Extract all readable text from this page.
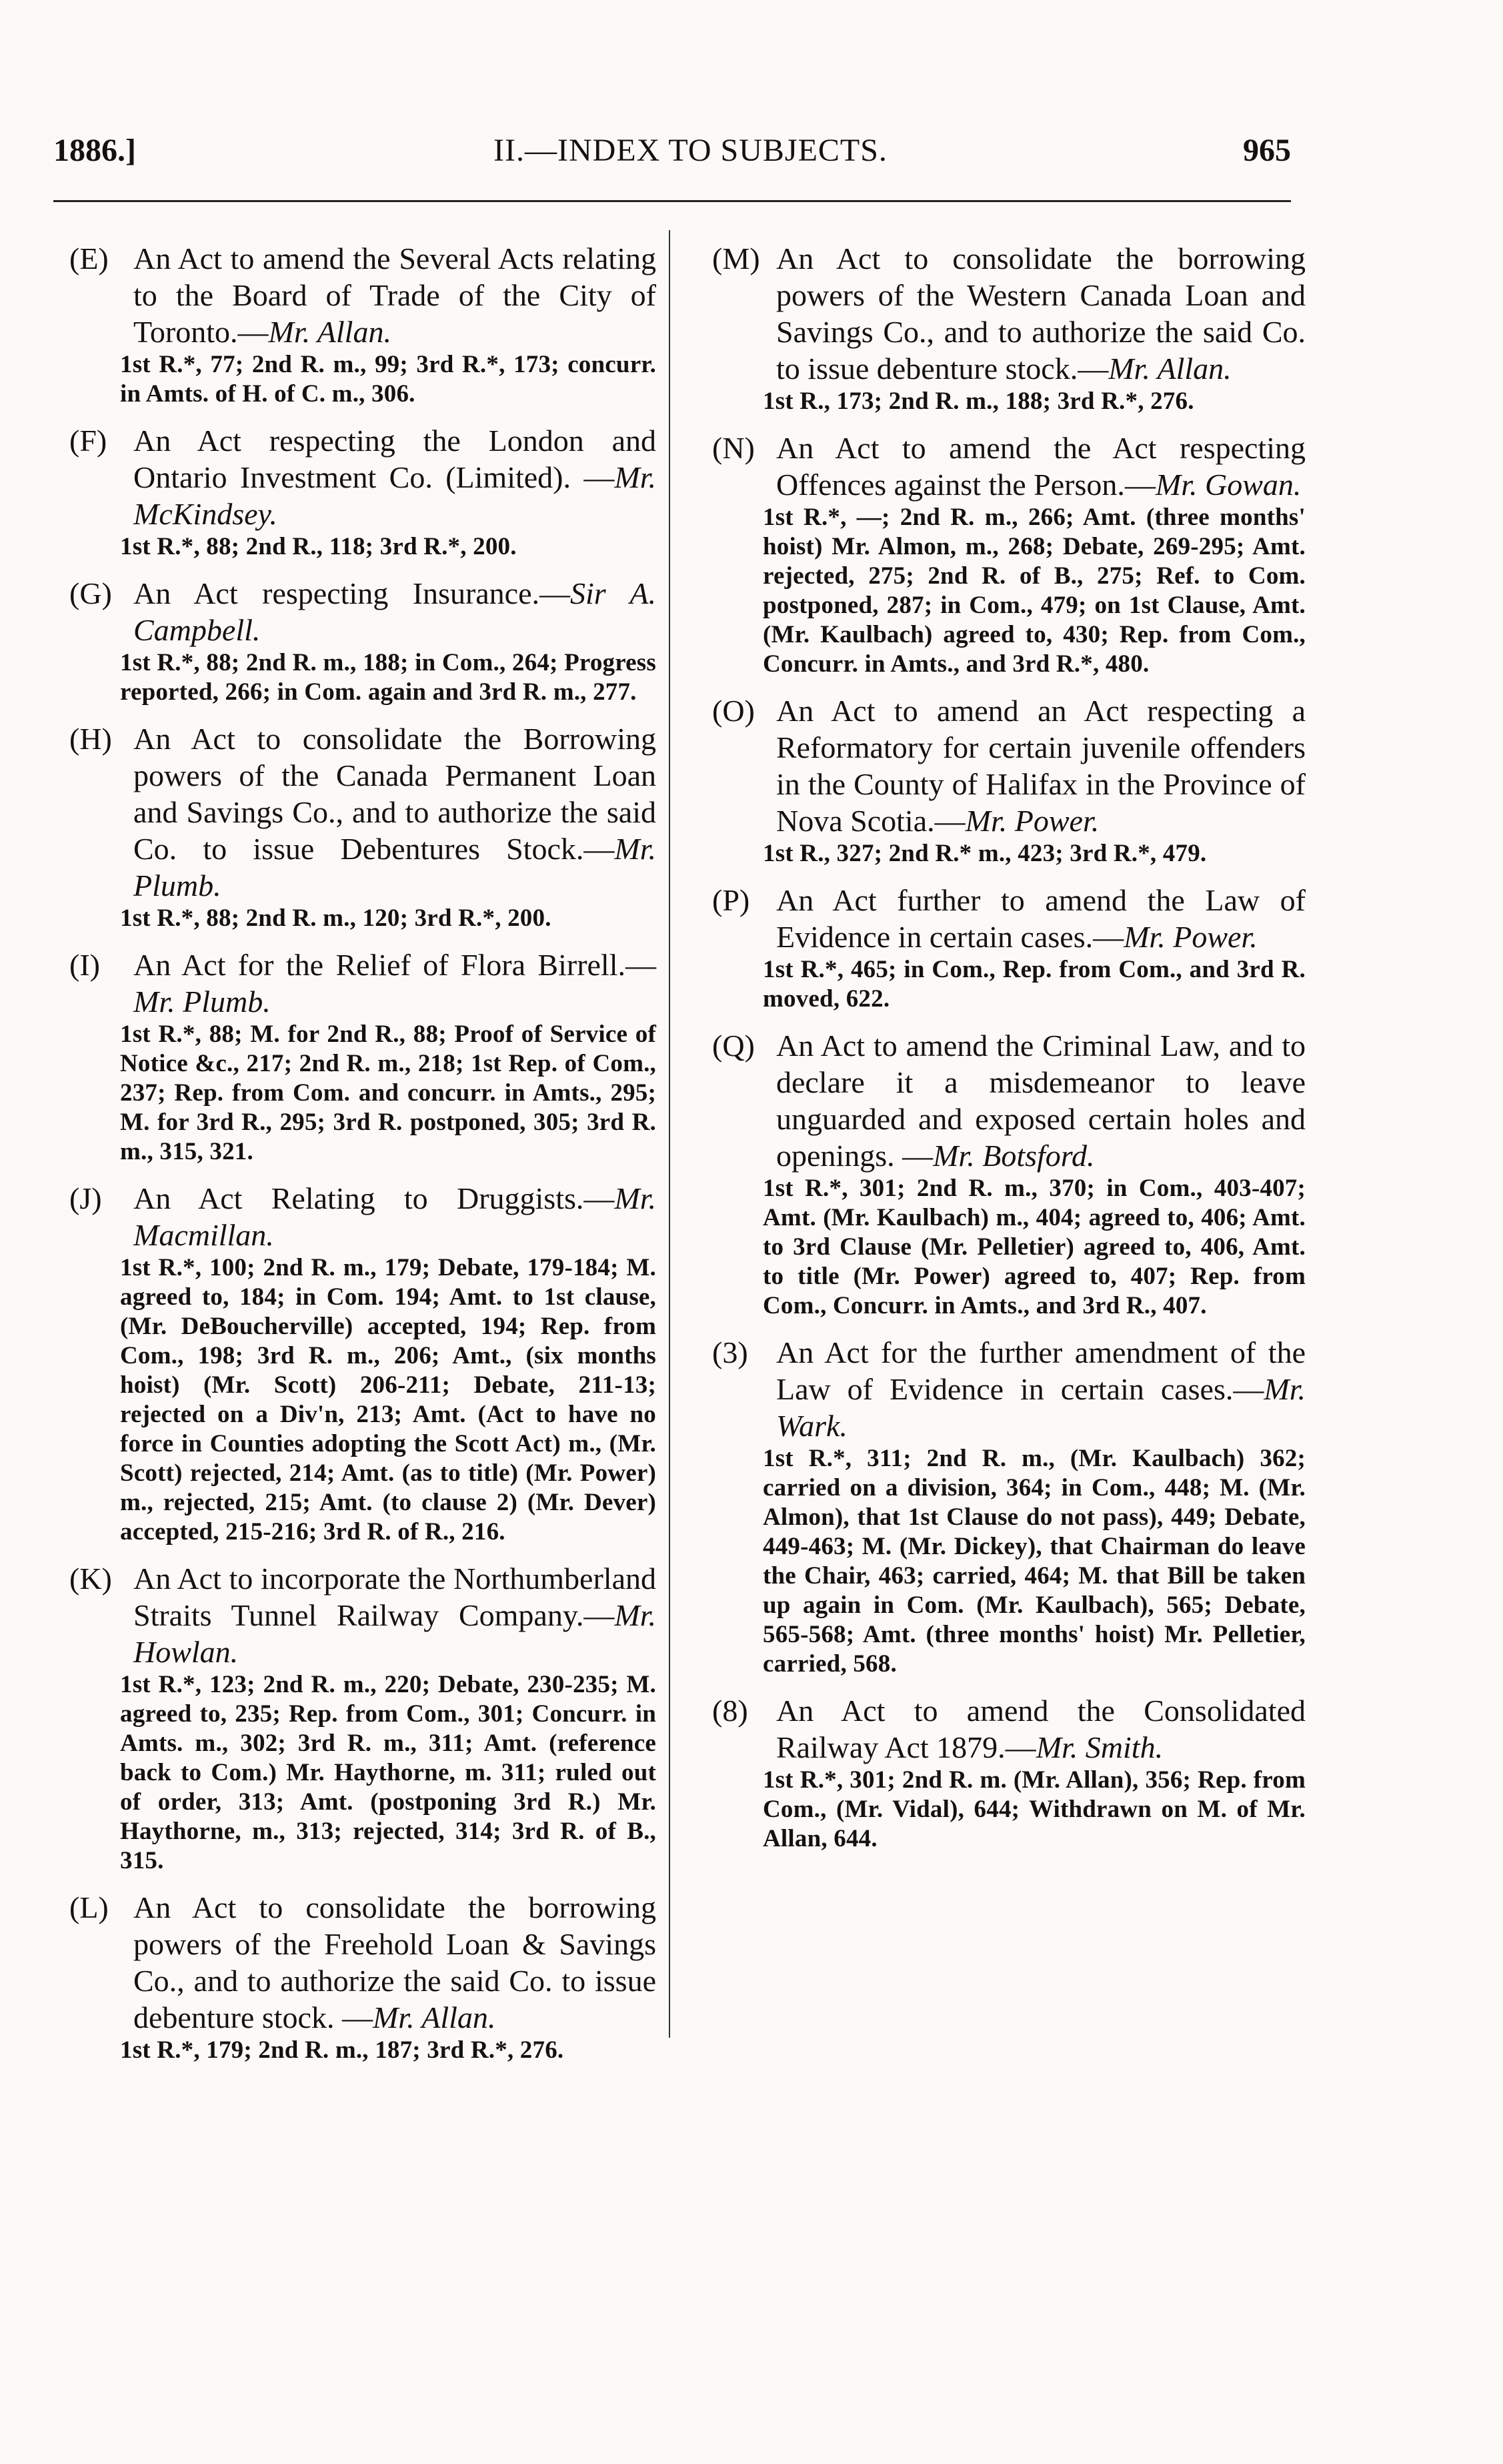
1886.]	II.—INDEX TO SUBJECTS.	965
(E) An Act to amend the Several Acts relating to the Board of Trade of the City of Toronto.—Mr. Allan.
1st R.*, 77; 2nd R. m., 99; 3rd R.*, 173; concurr. in Amts. of H. of C. m., 306.
(F) An Act respecting the London and Ontario Investment Co. (Limited). —Mr. McKindsey.
1st R.*, 88; 2nd R., 118; 3rd R.*, 200.
(G) An Act respecting Insurance.—Sir A. Campbell.
1st R.*, 88; 2nd R. m., 188; in Com., 264; Progress reported, 266; in Com. again and 3rd R. m., 277.
(H) An Act to consolidate the Borrowing powers of the Canada Permanent Loan and Savings Co., and to authorize the said Co. to issue Debentures Stock.—Mr. Plumb.
1st R.*, 88; 2nd R. m., 120; 3rd R.*, 200.
(I)	An Act for the Relief of Flora Birrell.—Mr. Plumb.
1st R.*, 88; M. for 2nd R., 88; Proof of Service of Notice &c., 217; 2nd R. m., 218; 1st Rep. of Com., 237; Rep. from Com. and concurr. in Amts., 295; M. for 3rd R., 295; 3rd R. postponed, 305; 3rd R. m., 315, 321.
(J)	An Act Relating to Druggists.—Mr. Macmillan.
1st R.*, 100; 2nd R. m., 179; Debate, 179-184; M. agreed to, 184; in Com. 194; Amt. to 1st clause, (Mr. DeBoucherville) accepted, 194; Rep. from Com., 198; 3rd R. m., 206; Amt., (six months hoist) (Mr. Scott) 206-211; Debate, 211-13; rejected on a Div'n, 213; Amt. (Act to have no force in Counties adopting the Scott Act) m., (Mr. Scott) rejected, 214; Amt. (as to title) (Mr. Power) m., rejected, 215; Amt. (to clause 2) (Mr. Dever) accepted, 215-216; 3rd R. of R., 216.
(K) An Act to incorporate the Northumberland Straits Tunnel Railway Company.—Mr. Howlan.
1st R.*, 123; 2nd R. m., 220; Debate, 230-235; M. agreed to, 235; Rep. from Com., 301; Concurr. in Amts. m., 302; 3rd R. m., 311; Amt. (reference back to Com.) Mr. Haythorne, m. 311; ruled out of order, 313; Amt. (postponing 3rd R.) Mr. Haythorne, m., 313; rejected, 314; 3rd R. of B., 315.
(L) An Act to consolidate the borrowing powers of the Freehold Loan & Savings Co., and to authorize the said Co. to issue debenture stock. —Mr. Allan.
1st R.*, 179; 2nd R. m., 187; 3rd R.*, 276.
(M) An Act to consolidate the borrowing powers of the Western Canada Loan and Savings Co., and to authorize the said Co. to issue debenture stock.—Mr. Allan.
1st R., 173; 2nd R. m., 188; 3rd R.*, 276.
(N) An Act to amend the Act respecting Offences against the Person.—Mr. Gowan.
1st R.*, —; 2nd R. m., 266; Amt. (three months' hoist) Mr. Almon, m., 268; Debate, 269-295; Amt. rejected, 275; 2nd R. of B., 275; Ref. to Com. postponed, 287; in Com., 479; on 1st Clause, Amt. (Mr. Kaulbach) agreed to, 430; Rep. from Com., Concurr. in Amts., and 3rd R.*, 480.
(O) An Act to amend an Act respecting a Reformatory for certain juvenile offenders in the County of Halifax in the Province of Nova Scotia.—Mr. Power.
1st R., 327; 2nd R.* m., 423; 3rd R.*, 479.
(P) An Act further to amend the Law of Evidence in certain cases.—Mr. Power.
1st R.*, 465; in Com., Rep. from Com., and 3rd R. moved, 622.
(Q) An Act to amend the Criminal Law, and to declare it a misdemeanor to leave unguarded and exposed certain holes and openings. —Mr. Botsford.
1st R.*, 301; 2nd R. m., 370; in Com., 403-407; Amt. (Mr. Kaulbach) m., 404; agreed to, 406; Amt. to 3rd Clause (Mr. Pelletier) agreed to, 406, Amt. to title (Mr. Power) agreed to, 407; Rep. from Com., Concurr. in Amts., and 3rd R., 407.
(3) An Act for the further amendment of the Law of Evidence in certain cases.—Mr. Wark.
1st R.*, 311; 2nd R. m., (Mr. Kaulbach) 362; carried on a division, 364; in Com., 448; M. (Mr. Almon), that 1st Clause do not pass), 449; Debate, 449-463; M. (Mr. Dickey), that Chairman do leave the Chair, 463; carried, 464; M. that Bill be taken up again in Com. (Mr. Kaulbach), 565; Debate, 565-568; Amt. (three months' hoist) Mr. Pelletier, carried, 568.
(8) An Act to amend the Consolidated Railway Act 1879.—Mr. Smith.
1st R.*, 301; 2nd R. m. (Mr. Allan), 356; Rep. from Com., (Mr. Vidal), 644; Withdrawn on M. of Mr. Allan, 644.
